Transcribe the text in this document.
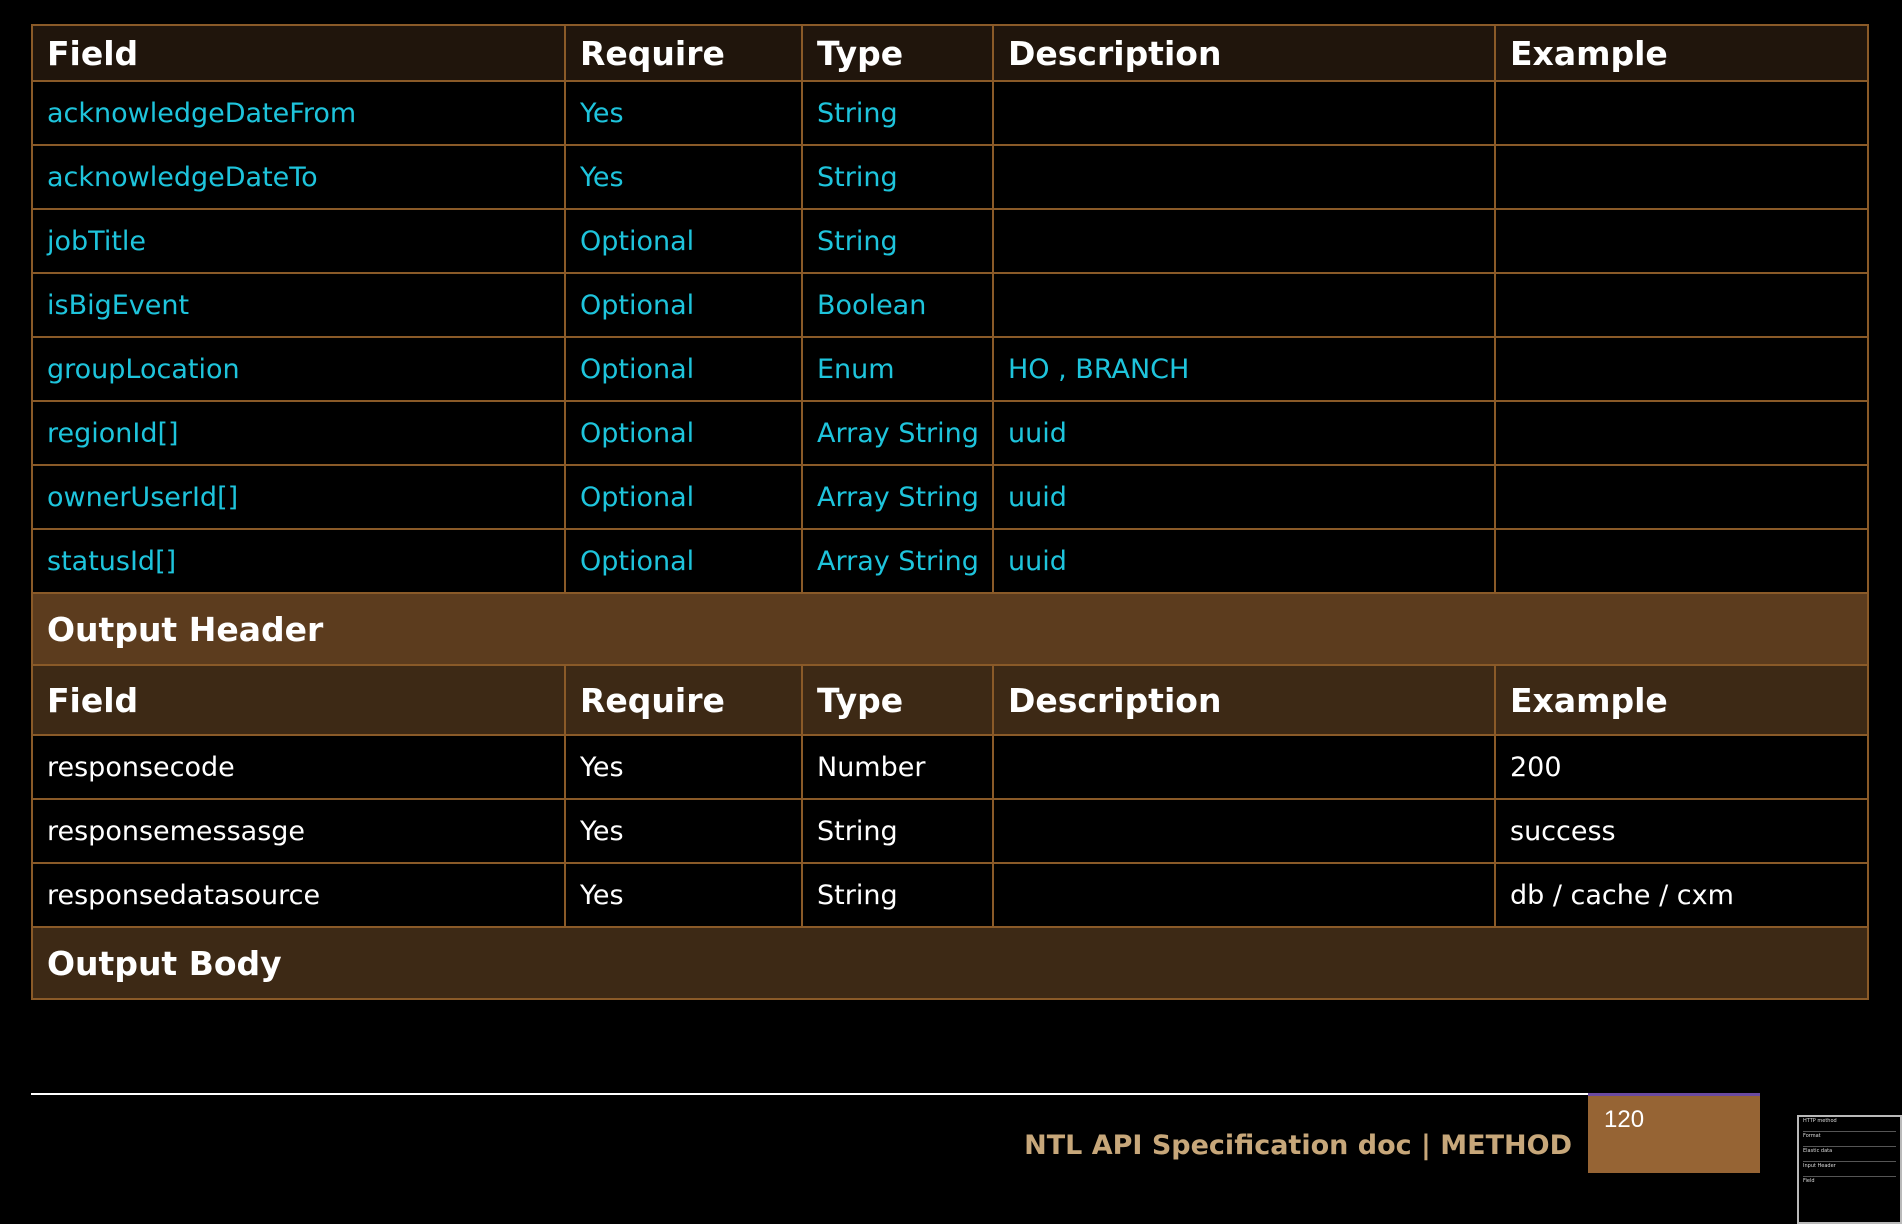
Field	Require	Type	Description	Example
acknowledgeDateFrom	Yes	String		
acknowledgeDateTo	Yes	String		
jobTitle	Optional	String		
isBigEvent	Optional	Boolean		
groupLocation	Optional	Enum	HO , BRANCH	
regionId[]	Optional	Array String	uuid	
ownerUserId[]	Optional	Array String	uuid	
statusId[]	Optional	Array String	uuid	
Output Header				
Field	Require	Type	Description	Example
responsecode	Yes	Number		200
responsemessasge	Yes	String		success
responsedatasource	Yes	String		db / cache / cxm
Output Body				
NTL API Specification doc | METHOD
120	HTTP method
Format
Elastic data
Input Header
Field
